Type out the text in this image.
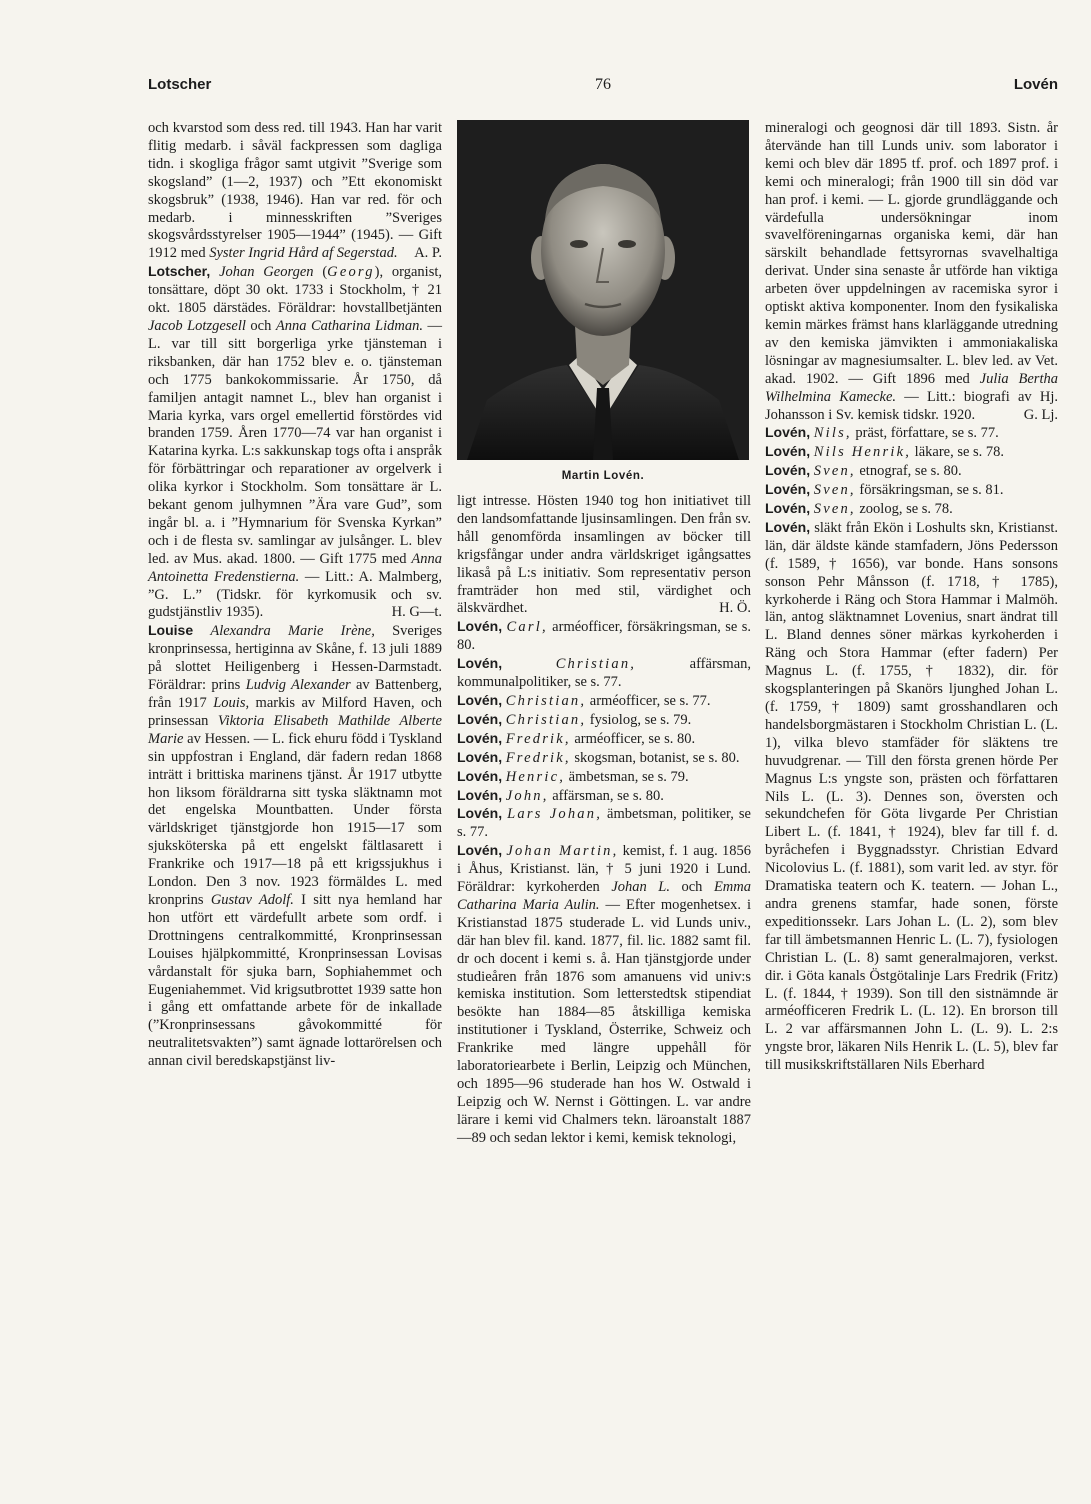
76
Lotscher	Lovén

och kvarstod som dess red. till 1943. Han har varit flitig medarb. i såväl fackpressen som dagliga tidn. i skogliga frågor samt utgivit ”Sverige som skogsland” (1—2, 1937) och ”Ett ekonomiskt skogsbruk” (1938, 1946). Han var red. för och medarb. i minnesskriften ”Sveriges skogsvårdsstyrelser 1905—1944” (1945). — Gift 1912 med Syster Ingrid Hård af Segerstad. A. P.

Lotscher, Johan Georgen (Georg), organist, tonsättare, döpt 30 okt. 1733 i Stockholm, † 21 okt. 1805 därstädes. Föräldrar: hovstallbetjänten Jacob Lotzgesell och Anna Catharina Lidman. — L. var till sitt borgerliga yrke tjänsteman i riksbanken, där han 1752 blev e. o. tjänsteman och 1775 bankokommissarie. År 1750, då familjen antagit namnet L., blev han organist i Maria kyrka, vars orgel emellertid förstördes vid branden 1759. Åren 1770—74 var han organist i Katarina kyrka. L:s sakkunskap togs ofta i anspråk för förbättringar och reparationer av orgelverk i olika kyrkor i Stockholm. Som tonsättare är L. bekant genom julhymnen ”Ära vare Gud”, som ingår bl. a. i ”Hymnarium för Svenska Kyrkan” och i de flesta sv. samlingar av julsånger. L. blev led. av Mus. akad. 1800. — Gift 1775 med Anna Antoinetta Fredenstierna. — Litt.: A. Malmberg, ”G. L.” (Tidskr. för kyrkomusik och sv. gudstjänstliv 1935).	H. G—t.

Louise Alexandra Marie Irène, Sveriges kronprinsessa, hertiginna av Skåne, f. 13 juli 1889 på slottet Heiligenberg i Hessen-Darmstadt. Föräldrar: prins Ludvig Alexander av Battenberg, från 1917 Louis, markis av Milford Haven, och prinsessan Viktoria Elisabeth Mathilde Alberte Marie av Hessen. — L. fick ehuru född i Tyskland sin uppfostran i England, där fadern redan 1868 inträtt i brittiska marinens tjänst. År 1917 utbytte hon liksom föräldrarna sitt tyska släktnamn mot det engelska Mountbatten. Under första världskriget tjänstgjorde hon 1915—17 som sjuksköterska på ett engelskt fältlasarett i Frankrike och 1917—18 på ett krigssjukhus i London. Den 3 nov. 1923 förmäldes L. med kronprins Gustav Adolf. I sitt nya hemland har hon utfört ett värdefullt arbete som ordf. i Drottningens centralkommitté, Kronprinsessan Louises hjälpkommitté, Kronprinsessan Lovisas vårdanstalt för sjuka barn, Sophiahemmet och Eugeniahemmet. Vid krigsutbrottet 1939 satte hon i gång ett omfattande arbete för de inkallade (”Kronprinsessans gåvokommitté för neutralitetsvakten”) samt ägnade lottarörelsen och annan civil beredskapstjänst liv-

Martin Lovén.

ligt intresse. Hösten 1940 tog hon initiativet till den landsomfattande ljusinsamlingen. Den från sv. håll genomförda insamlingen av böcker till krigsfångar under andra världskriget igångsattes likaså på L:s initiativ. Som representativ person framträder hon med stil, värdighet och älskvärdhet.	H. Ö.

Lovén, Carl, arméofficer, försäkringsman, se s. 80.

Lovén,	Christian, affärsman, kommunalpolitiker, se s. 77.

Lovén, Christian, arméofficer, se s. 77.

Lovén, Christian, fysiolog, se s. 79.

Lovén, Fredrik, arméofficer, se s. 80.

Lovén, Fredrik, skogsman, botanist, se s. 80.

Lovén, Henric, ämbetsman, se s. 79.

Lovén, John, affärsman, se s. 80.

Lovén, Lars Johan, ämbetsman, politiker, se s. 77.

Lovén, Johan Martin, kemist, f. 1 aug. 1856 i Åhus, Kristianst. län, † 5 juni 1920 i Lund. Föräldrar: kyrkoherden Johan L. och Emma Catharina Maria Aulin. — Efter mogenhetsex. i Kristianstad 1875 studerade L. vid Lunds univ., där han blev fil. kand. 1877, fil. lic. 1882 samt fil. dr och docent i kemi s. å. Han tjänstgjorde under studieåren från 1876 som amanuens vid univ:s kemiska institution. Som letterstedtsk stipendiat besökte han 1884—85 åtskilliga kemiska institutioner i Tyskland, Österrike, Schweiz och Frankrike med längre uppehåll för laboratoriearbete i Berlin, Leipzig och München, och 1895—96 studerade han hos W. Ostwald i Leipzig och W. Nernst i Göttingen. L. var andre lärare i kemi vid Chalmers tekn. läroanstalt 1887—89 och sedan lektor i kemi, kemisk teknologi,

mineralogi och geognosi där till 1893. Sistn. år återvände han till Lunds univ. som laborator i kemi och blev där 1895 tf. prof. och 1897 prof. i kemi och mineralogi; från 1900 till sin död var han prof. i kemi. — L. gjorde grundläggande och värdefulla undersökningar inom svavelföreningarnas organiska kemi, där han särskilt behandlade fettsyrornas svavelhaltiga derivat. Under sina senaste år utförde han viktiga arbeten över uppdelningen av racemiska syror i optiskt aktiva komponenter. Inom den fysikaliska kemin märkes främst hans klarläggande utredning av den kemiska jämvikten i ammoniakaliska lösningar av magnesiumsalter. L. blev led. av Vet. akad. 1902. — Gift 1896 med Julia Bertha Wilhelmina Kamecke. — Litt.: biografi av Hj. Johansson i Sv. kemisk tidskr. 1920.	G. Lj.

Lovén, Nils, präst, författare, se s. 77.

Lovén, Nils Henrik, läkare, se s. 78.

Lovén, Sven, etnograf, se s. 80.

Lovén, Sven, försäkringsman, se s. 81.

Lovén, Sven, zoolog, se s. 78.

Lovén, släkt från Ekön i Loshults skn, Kristianst. län, där äldste kände stamfadern, Jöns Pedersson (f. 1589, † 1656), var bonde. Hans sonsons sonson Pehr Månsson (f. 1718, † 1785), kyrkoherde i Räng och Stora Hammar i Malmöh. län, antog släktnamnet Lovenius, snart ändrat till L. Bland dennes söner märkas kyrkoherden i Räng och Stora Hammar (efter fadern) Per Magnus L. (f. 1755, † 1832), dir. för skogsplanteringen på Skanörs ljunghed Johan L. (f. 1759, † 1809) samt grosshandlaren och handelsborgmästaren i Stockholm Christian L. (L. 1), vilka blevo stamfäder för släktens tre huvudgrenar. — Till den första grenen hörde Per Magnus L:s yngste son, prästen och författaren Nils L. (L. 3). Dennes son, översten och sekundchefen för Göta livgarde Per Christian Libert L. (f. 1841, † 1924), blev far till f. d. byråchefen i Byggnadsstyr. Christian Edvard Nicolovius L. (f. 1881), som varit led. av styr. för Dramatiska teatern och K. teatern. — Johan L., andra grenens stamfar, hade sonen, förste expeditionssekr. Lars Johan L. (L. 2), som blev far till ämbetsmannen Henric L. (L. 7), fysiologen Christian L. (L. 8) samt generalmajoren, verkst. dir. i Göta kanals Östgötalinje Lars Fredrik (Fritz) L. (f. 1844, † 1939). Son till den sistnämnde är arméofficeren Fredrik L. (L. 12). En brorson till L. 2 var affärsmannen John L. (L. 9). L. 2:s yngste bror, läkaren Nils Henrik L. (L. 5), blev far till musikskriftställaren Nils Eberhard
